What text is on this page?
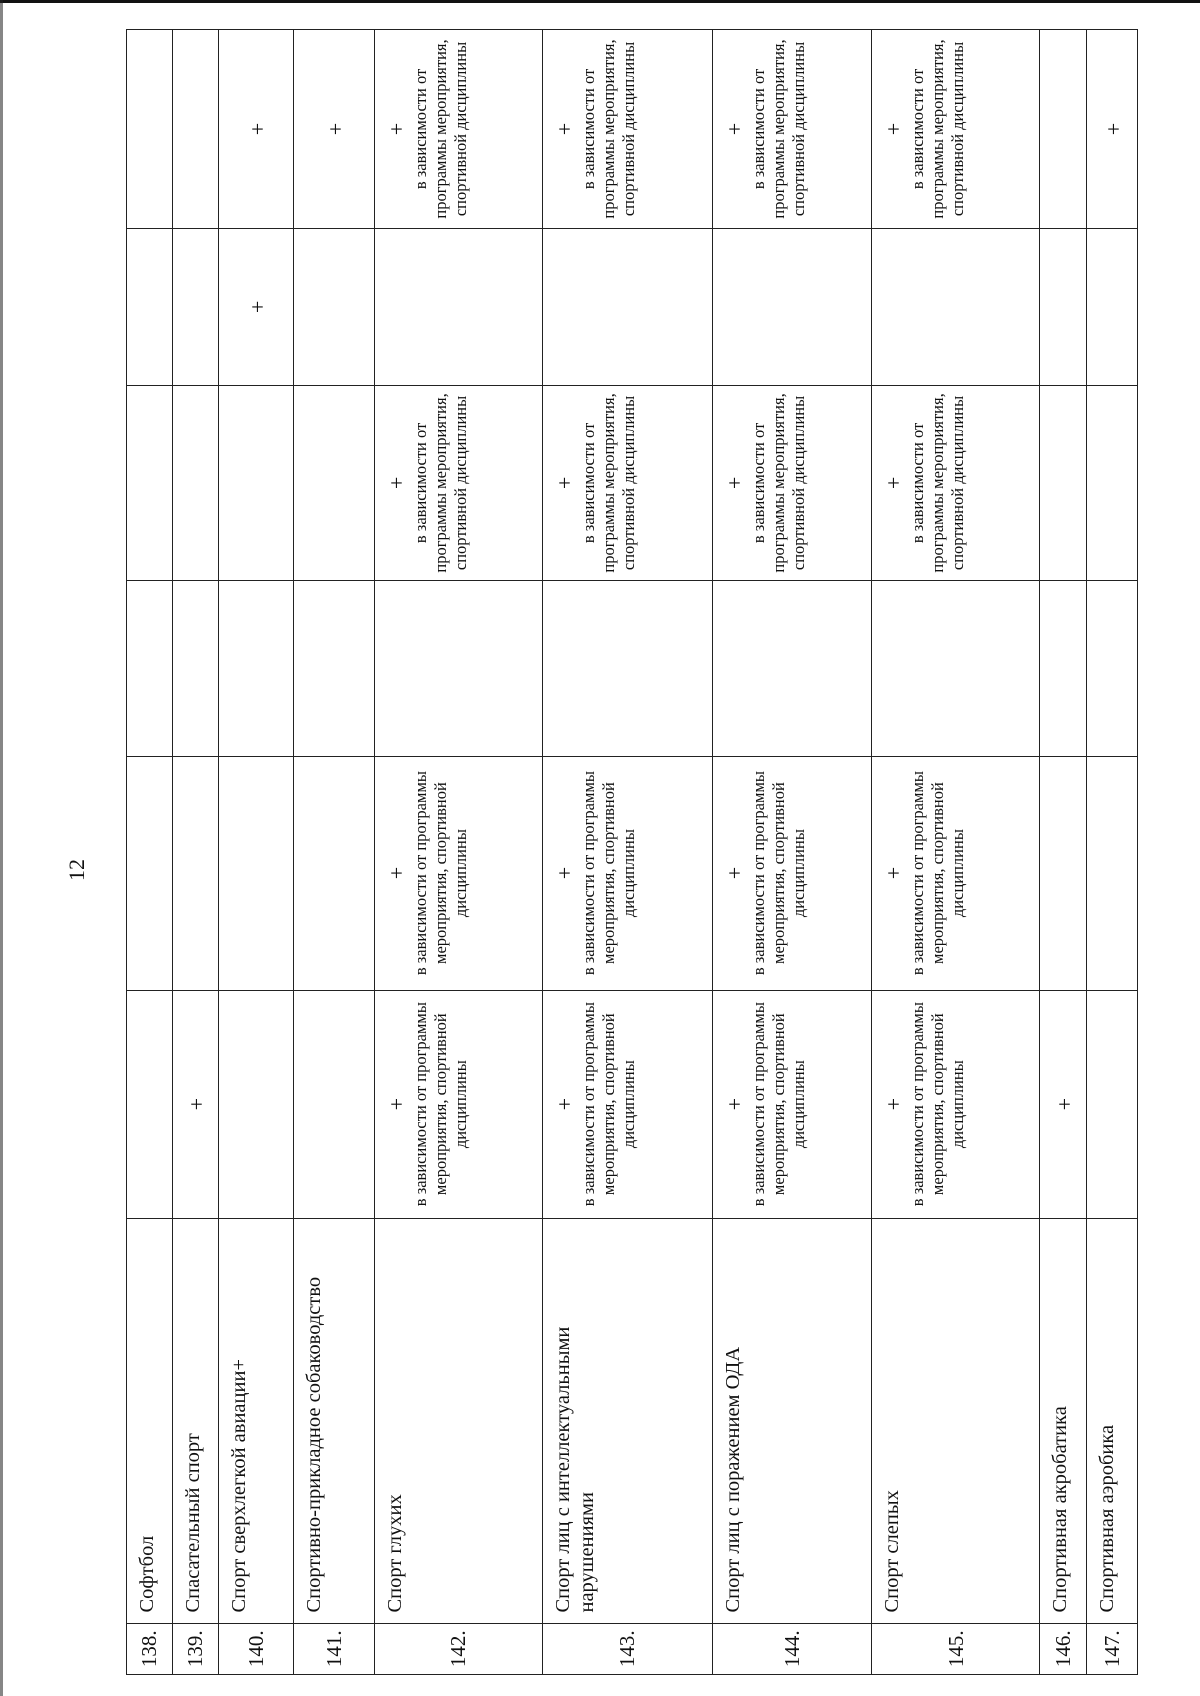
12
138.	Софтбол						
139.	Спасательный спорт	+					

140.	Спорт сверхлегкой авиации+					+	+

141.	Спортивно-прикладное собаководство						+

142.	Спорт глухих	+ в зависимости от программы мероприятия, спортивной дисциплины	+ в зависимости от программы мероприятия, спортивной дисциплины		+ в зависимости от программы мероприятия, спортивной дисциплины		+ в зависимости от программы мероприятия, спортивной дисциплины

143.	Спорт лиц с интеллектуальными нарушениями	+ в зависимости от программы мероприятия, спортивной дисциплины	+ в зависимости от программы мероприятия, спортивной дисциплины		+ в зависимости от программы мероприятия, спортивной дисциплины		+ в зависимости от программы мероприятия, спортивной дисциплины

144.	Спорт лиц с поражением ОДА	+ в зависимости от программы мероприятия, спортивной дисциплины	+ в зависимости от программы мероприятия, спортивной дисциплины		+ в зависимости от программы мероприятия, спортивной дисциплины		+ в зависимости от программы мероприятия, спортивной дисциплины

145.	Спорт слепых	+ в зависимости от программы мероприятия, спортивной дисциплины	+ в зависимости от программы мероприятия, спортивной дисциплины		+ в зависимости от программы мероприятия, спортивной дисциплины		+ в зависимости от программы мероприятия, спортивной дисциплины

146.	Спортивная акробатика	+					

147.	Спортивная аэробика						+
